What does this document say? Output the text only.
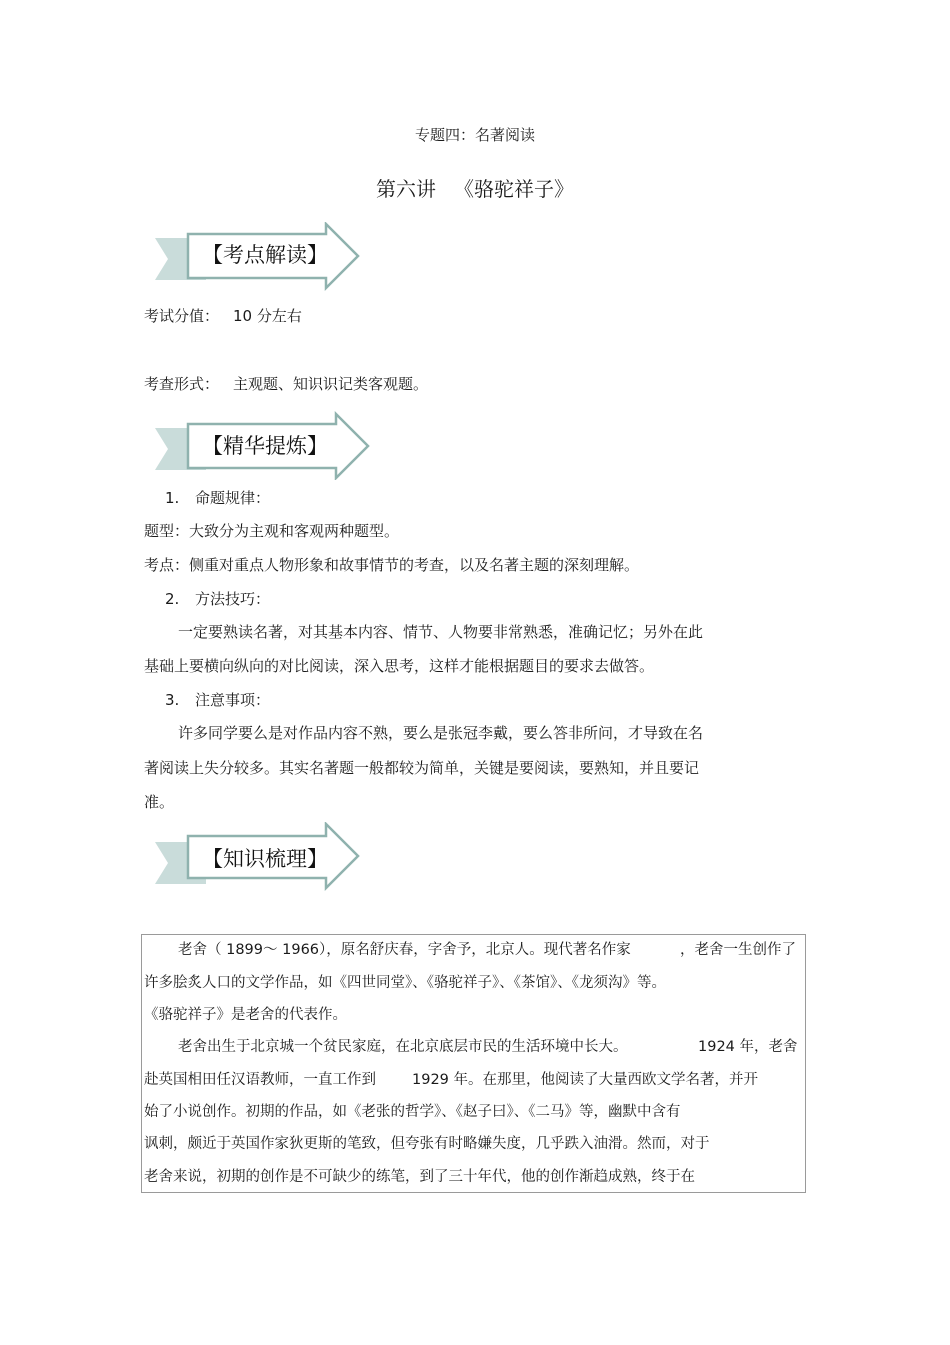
专题四：名著阅读
第六讲 《骆驼祥子》
【考点解读】
考试分值： 10 分左右
考查形式： 主观题、知识识记类客观题。
【精华提炼】
1. 命题规律：
题型：大致分为主观和客观两种题型。
考点：侧重对重点人物形象和故事情节的考查，以及名著主题的深刻理解。
2. 方法技巧：
一定要熟读名著，对其基本内容、情节、人物要非常熟悉，准确记忆；另外在此
基础上要横向纵向的对比阅读，深入思考，这样才能根据题目的要求去做答。
3. 注意事项：
许多同学要么是对作品内容不熟，要么是张冠李戴，要么答非所问，才导致在名
著阅读上失分较多。其实名著题一般都较为简单，关键是要阅读，要熟知，并且要记
准。
【知识梳理】
老舍（ 1899～ 1966），原名舒庆春，字舍予，北京人。现代著名作家	，老舍一生创作了
许多脍炙人口的文学作品，如《四世同堂》、《骆驼祥子》、《茶馆》、《龙须沟》等。
《骆驼祥子》是老舍的代表作。
老舍出生于北京城一个贫民家庭，在北京底层市民的生活环境中长大。	1924 年，老舍
赴英国相田任汉语教师，一直工作到 1929 年。在那里，他阅读了大量西欧文学名著，并开
始了小说创作。初期的作品，如《老张的哲学》、《赵子曰》、《二马》等，幽默中含有
讽刺，颇近于英国作家狄更斯的笔致，但夸张有时略嫌失度，几乎跌入油滑。然而，对于
老舍来说，初期的创作是不可缺少的练笔，到了三十年代，他的创作渐趋成熟，终于在
